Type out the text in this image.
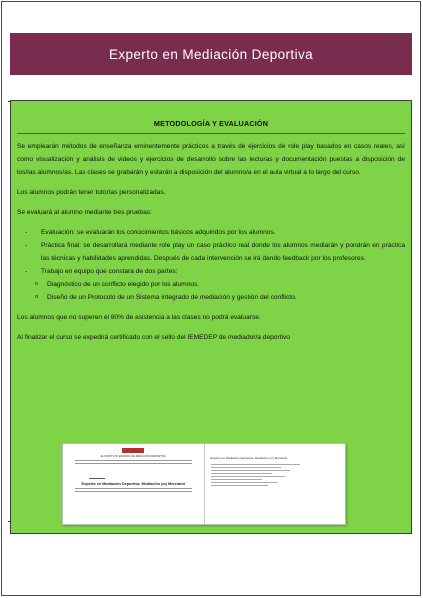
Experto en Mediación Deportiva
METODOLOGÍA Y EVALUACIÓN

Se emplearán métodos de enseñanza eminentemente prácticos a través de ejercicios de role play basados en casos reales, así como visualización y análisis de videos y ejercicios de desarrollo sobre las lecturas y documentación puestas a disposición de los/las alumnos/as. Las clases se grabarán y estarán a disposición del alumno/a en el aula virtual a lo largo del curso.

Los alumnos podrán tener tutorías personalizadas.

Se evaluará al alumno mediante tres pruebas:

- Evaluación: se evaluarán los conocimientos básicos adquiridos por los alumnos.
- Práctica final: se desarrollará mediante role play un caso práctico real donde los alumnos mediarán y pondrán en práctica las técnicas y habilidades aprendidas. Después de cada intervención se irá dando feedback por los profesores.
- Trabajo en equipo que constara de dos partes:
o Diagnóstico de un conflicto elegido por los alumnos.
o Diseño de un Protocolo de un Sistema integrado de mediación y gestión del conflicto.

Los alumnos que no superen el 80% de asistencia a las clases no podrá evaluarse.

Al finalizar el curso se expedirá certificado con el sello del IEMEDEP de mediador/a deportivo

EL INSTITUTO ESPAÑOL DE MEDIACIÓN DEPORTIVA
Experto en Mediación Deportiva. Mediación (m) Merciarid
Experto en Mediación Deportiva. Mediación (m) Merciarid
